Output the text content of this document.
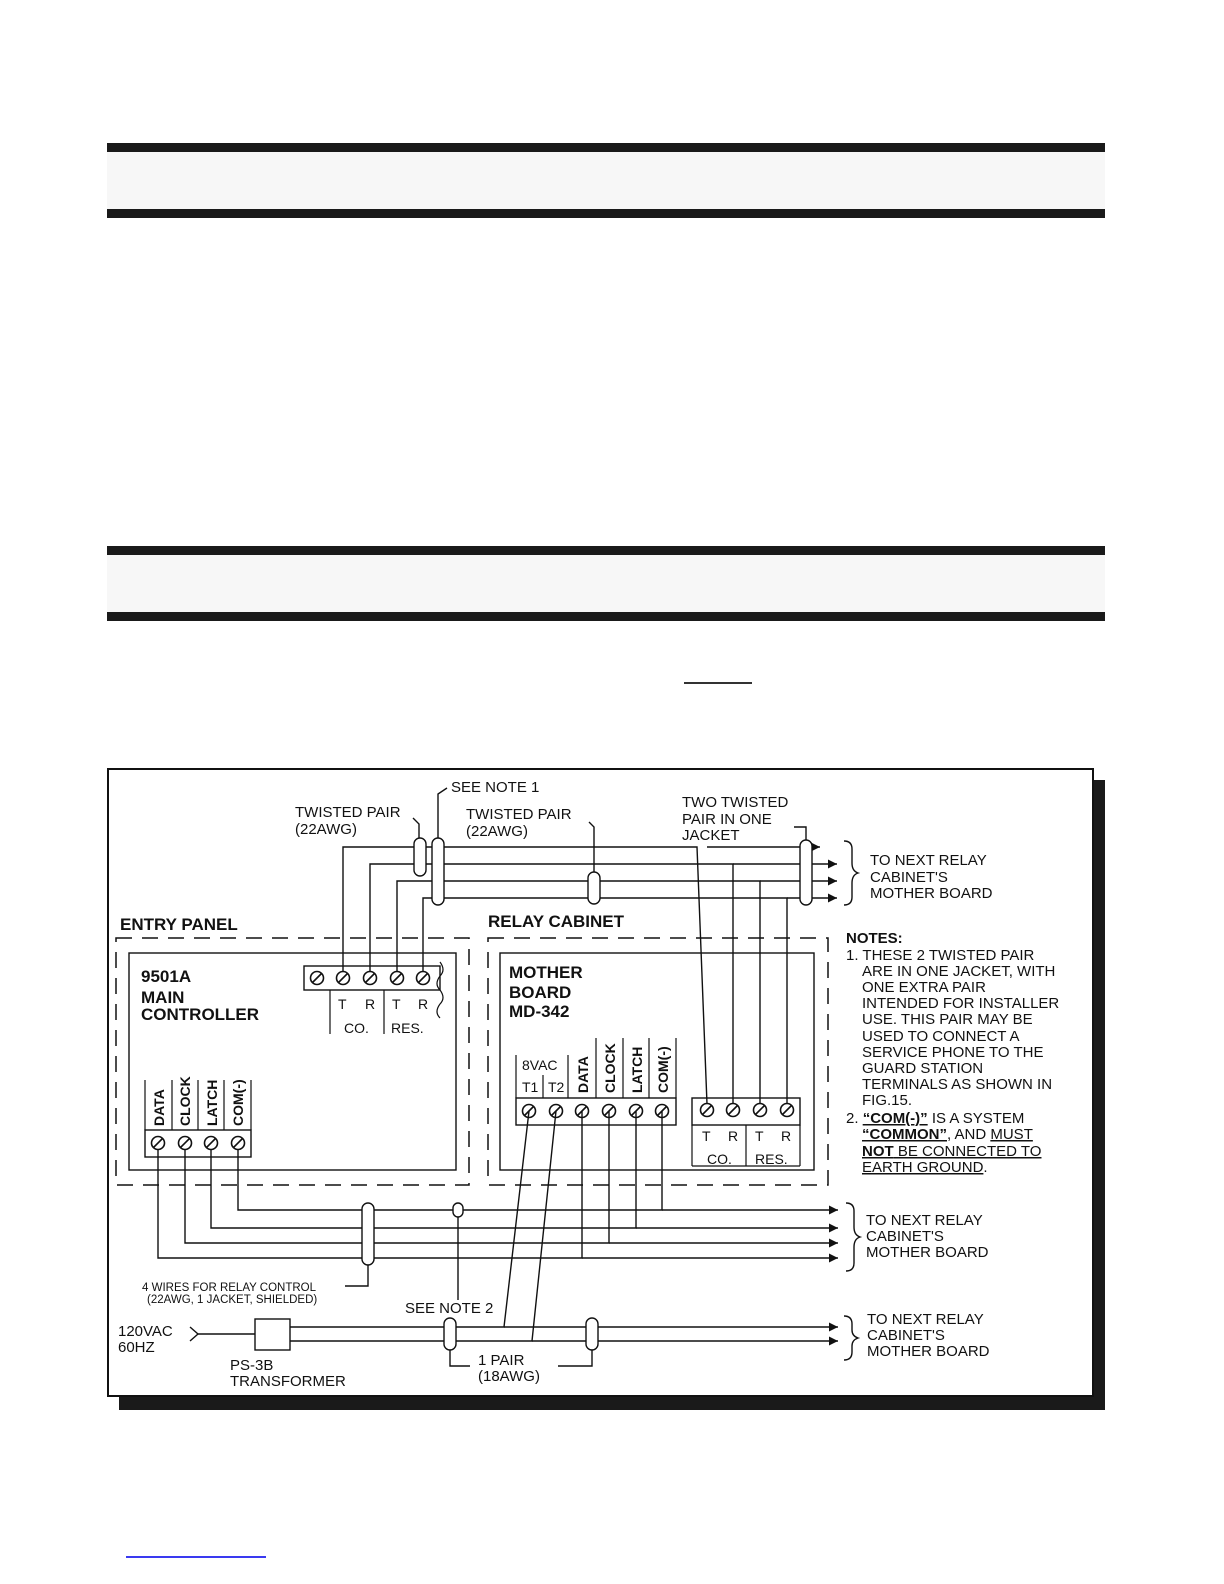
SEE NOTE 1
TWISTED PAIR
(22AWG)
TWISTED PAIR
(22AWG)
TWO TWISTED
PAIR IN ONE
JACKET
TO NEXT RELAY
CABINET'S
MOTHER BOARD
ENTRY PANEL
9501A
MAIN
CONTROLLER
T R T R
CO. RES.
DATA CLOCK LATCH COM(-)
RELAY CABINET
MOTHER
BOARD
MD-342
8VAC
T1 T2 DATA CLOCK LATCH COM(-)
T R T R
CO. RES.
NOTES:
1. THESE 2 TWISTED PAIR
ARE IN ONE JACKET, WITH
ONE EXTRA PAIR
INTENDED FOR INSTALLER
USE. THIS PAIR MAY BE
USED TO CONNECT A
SERVICE PHONE TO THE
GUARD STATION
TERMINALS AS SHOWN IN
FIG.15.
2. “COM(-)” IS A SYSTEM
“COMMON”, AND MUST
NOT BE CONNECTED TO
EARTH GROUND.
TO NEXT RELAY
CABINET'S
MOTHER BOARD
TO NEXT RELAY
CABINET'S
MOTHER BOARD
4 WIRES FOR RELAY CONTROL
(22AWG, 1 JACKET, SHIELDED)	SEE NOTE 2
120VAC
60HZ
PS-3B
TRANSFORMER
1 PAIR
(18AWG)
